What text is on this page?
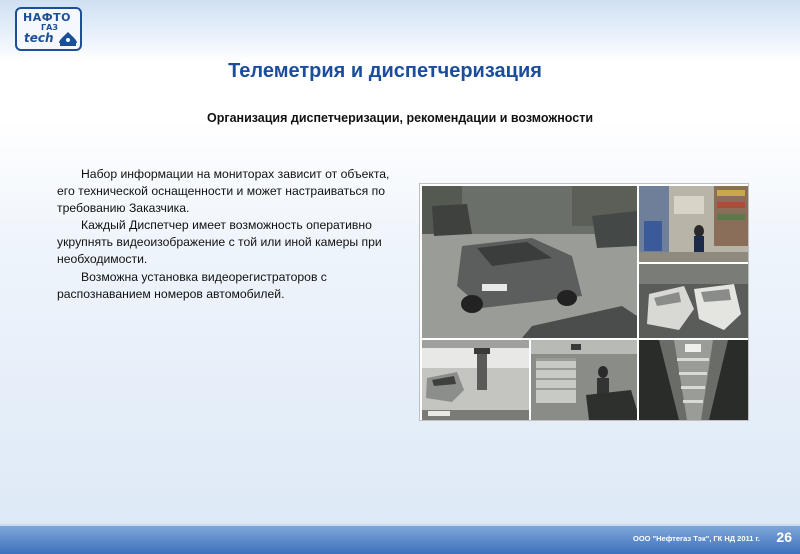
НАФТО
ГАЗ
tech
Телеметрия и диспетчеризация
Организация диспетчеризации, рекомендации и возможности

Набор информации на мониторах зависит от объекта, его технической оснащенности и может настраиваться по требованию Заказчика.

Каждый Диспетчер имеет возможность оперативно укрупнять видеоизображение с той или иной камеры при необходимости.

Возможна установка видеорегистраторов с распознаванием номеров автомобилей.

ООО "Нефтегаз Тэк", ГК НД 2011 г. 26
